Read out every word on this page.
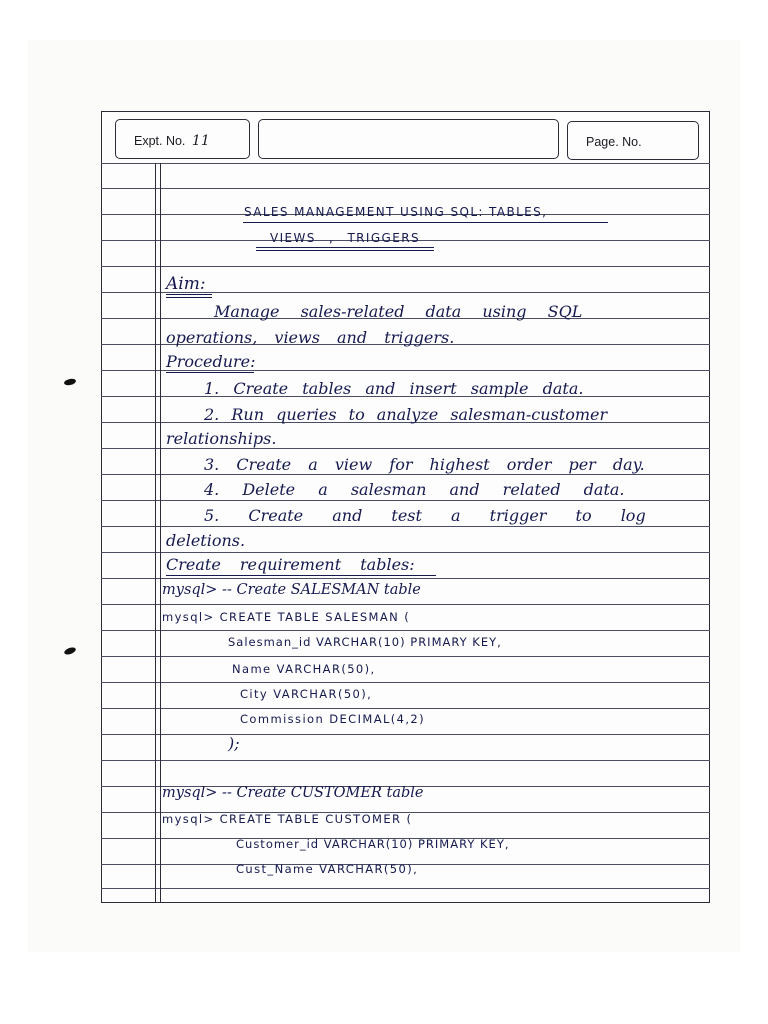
Expt. No. 11	Page. No.
SALES MANAGEMENT USING SQL: TABLES,
VIEWS , TRIGGERS
Aim:
Manage sales-related data using SQL
operations, views and triggers.
Procedure:
1. Create tables and insert sample data.
2. Run queries to analyze salesman-customer
relationships.
3. Create a view for highest order per day.
4. Delete a salesman and related data.
5. Create and test a trigger to log
deletions.
Create requirement tables:
mysql> -- Create SALESMAN table
mysql> CREATE TABLE SALESMAN (
Salesman_id VARCHAR(10) PRIMARY KEY,
Name VARCHAR(50),
City VARCHAR(50),
Commission DECIMAL(4,2)
);
mysql> -- Create CUSTOMER table
mysql> CREATE TABLE CUSTOMER (
Customer_id VARCHAR(10) PRIMARY KEY,
Cust_Name VARCHAR(50),
